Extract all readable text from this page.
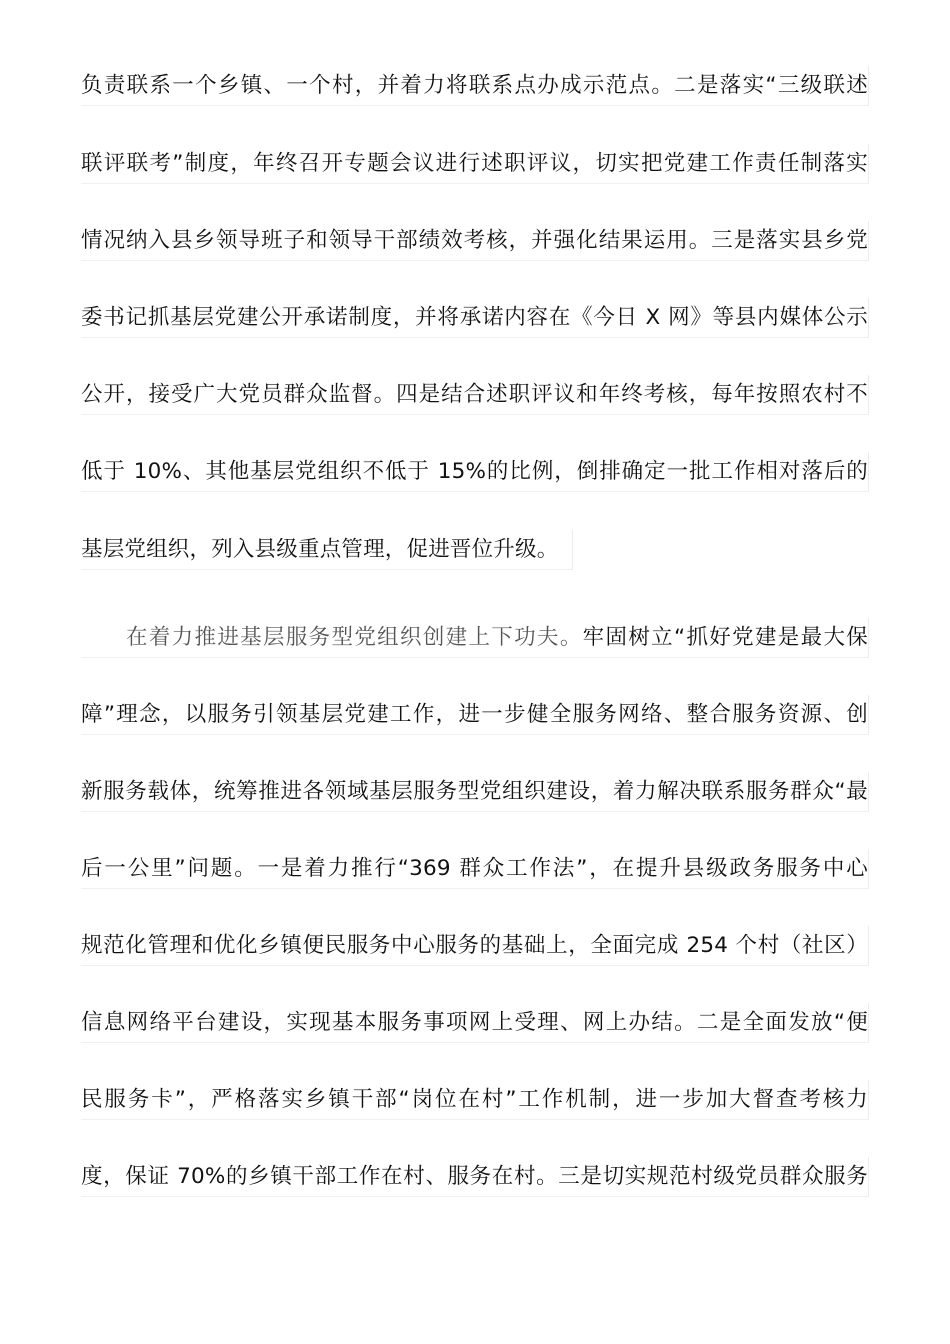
负责联系一个乡镇、一个村，并着力将联系点办成示范点。二是落实“三级联述
联评联考”制度，年终召开专题会议进行述职评议，切实把党建工作责任制落实
情况纳入县乡领导班子和领导干部绩效考核，并强化结果运用。三是落实县乡党
委书记抓基层党建公开承诺制度，并将承诺内容在《今日 X 网》等县内媒体公示
公开，接受广大党员群众监督。四是结合述职评议和年终考核，每年按照农村不
低于 10%、其他基层党组织不低于 15%的比例，倒排确定一批工作相对落后的
基层党组织，列入县级重点管理，促进晋位升级。
在着力推进基层服务型党组织创建上下功夫。牢固树立“抓好党建是最大保
障”理念，以服务引领基层党建工作，进一步健全服务网络、整合服务资源、创
新服务载体，统筹推进各领域基层服务型党组织建设，着力解决联系服务群众“最
后一公里”问题。一是着力推行“369 群众工作法”，在提升县级政务服务中心
规范化管理和优化乡镇便民服务中心服务的基础上，全面完成 254 个村（社区）
信息网络平台建设，实现基本服务事项网上受理、网上办结。二是全面发放“便
民服务卡”，严格落实乡镇干部“岗位在村”工作机制，进一步加大督查考核力
度，保证 70%的乡镇干部工作在村、服务在村。三是切实规范村级党员群众服务
